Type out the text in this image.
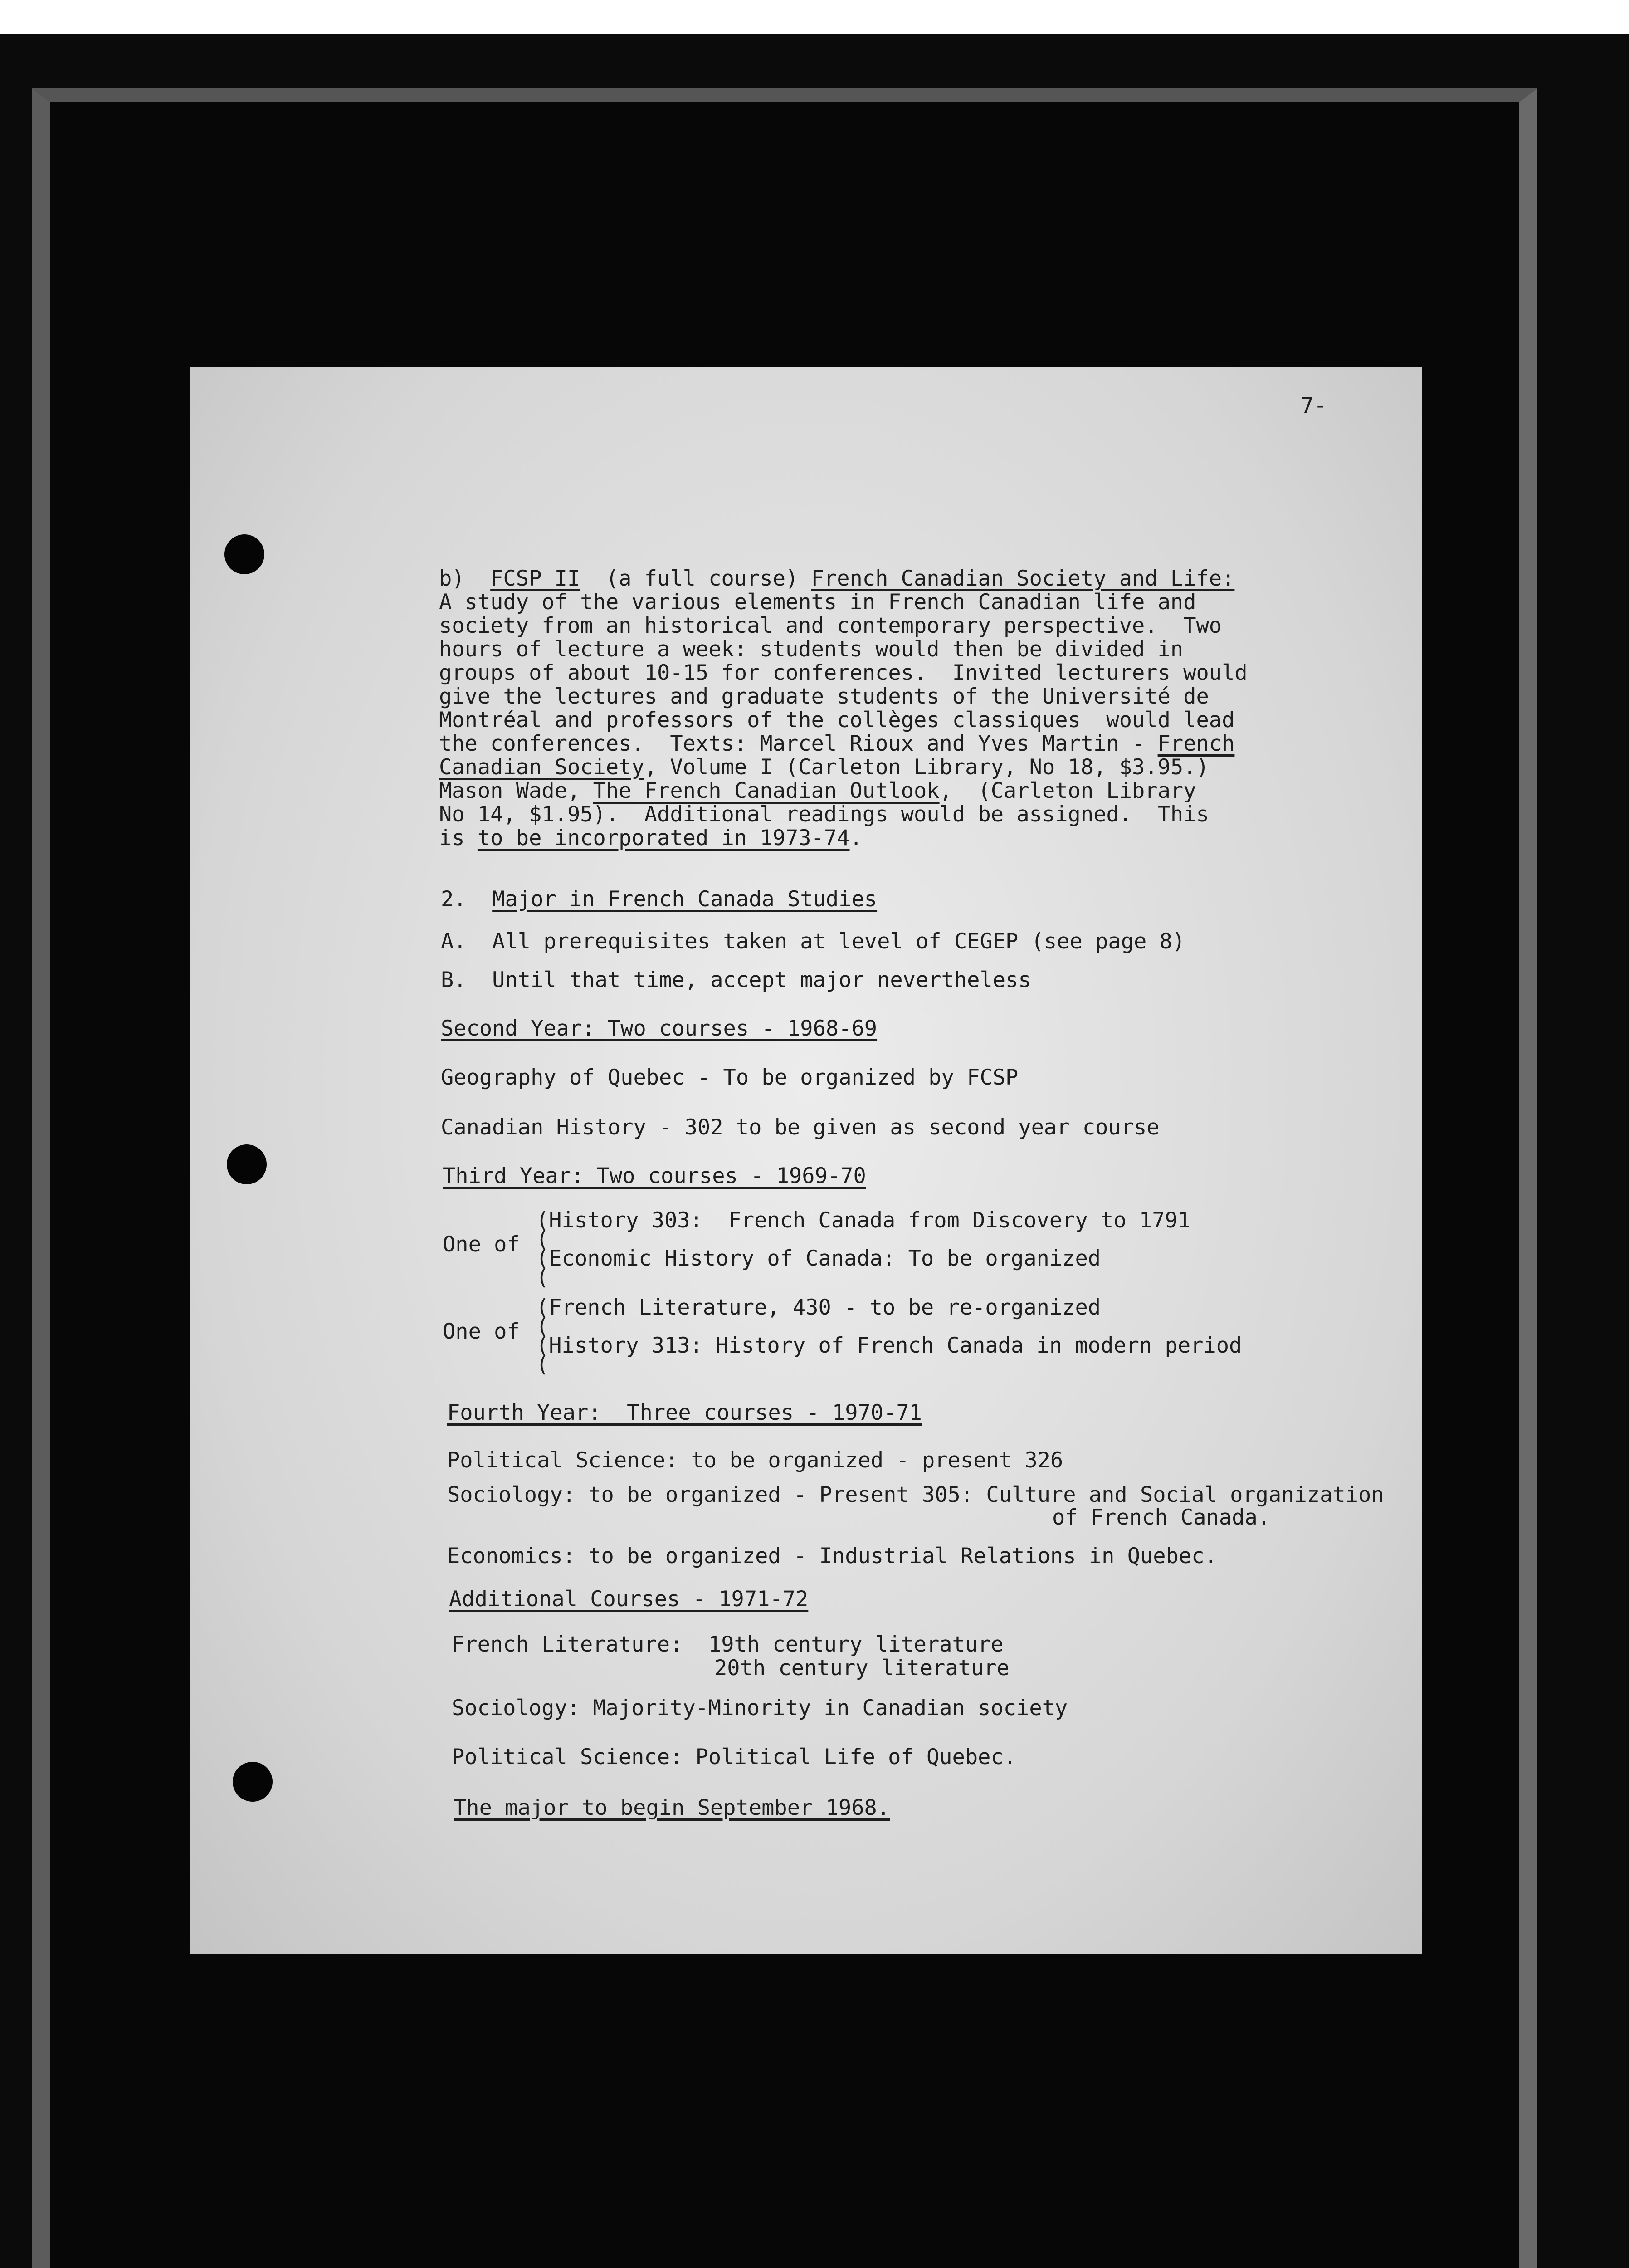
7-
b) FCSP II (a full course) French Canadian Society and Life:
A study of the various elements in French Canadian life and
society from an historical and contemporary perspective.  Two
hours of lecture a week: students would then be divided in
groups of about 10-15 for conferences.  Invited lecturers would
give the lectures and graduate students of the Université de
Montréal and professors of the collèges classiques  would lead
the conferences.  Texts: Marcel Rioux and Yves Martin - French
Canadian Society, Volume I (Carleton Library, No 18, $3.95.)
Mason Wade, The French Canadian Outlook,  (Carleton Library
No 14, $1.95).  Additional readings would be assigned.  This
is to be incorporated in 1973-74.
2. Major in French Canada Studies
A.  All prerequisites taken at level of CEGEP (see page 8)
B.  Until that time, accept major nevertheless
Second Year: Two courses - 1968-69
Geography of Quebec - To be organized by FCSP
Canadian History - 302 to be given as second year course
Third Year: Two courses - 1969-70
One of
(History 303:  French Canada from Discovery to 1791
(
(Economic History of Canada: To be organized
(
One of
(French Literature, 430 - to be re-organized
(
(History 313: History of French Canada in modern period
(
Fourth Year:  Three courses - 1970-71
Political Science: to be organized - present 326
Sociology: to be organized - Present 305: Culture and Social organization
of French Canada.
Economics: to be organized - Industrial Relations in Quebec.
Additional Courses - 1971-72
French Literature:  19th century literature
20th century literature
Sociology: Majority-Minority in Canadian society
Political Science: Political Life of Quebec.
The major to begin September 1968.
